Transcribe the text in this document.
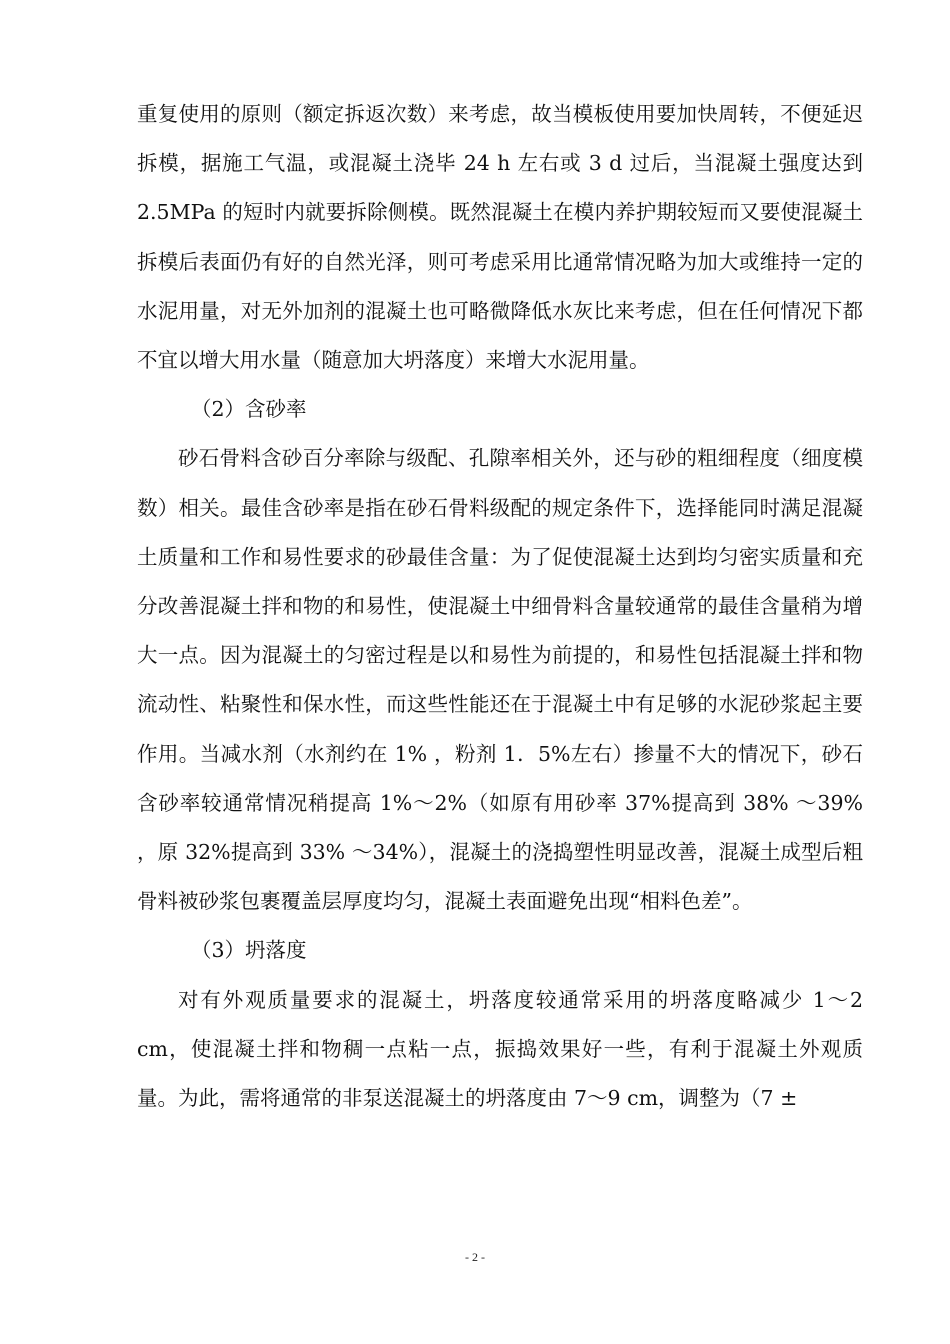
重复使用的原则（额定拆返次数）来考虑，故当模板使用要加快周转，不便延迟拆模，据施工气温，或混凝土浇毕 24 h 左右或 3 d 过后，当混凝土强度达到 2.5MPa 的短时内就要拆除侧模。既然混凝土在模内养护期较短而又要使混凝土拆模后表面仍有好的自然光泽，则可考虑采用比通常情况略为加大或维持一定的水泥用量，对无外加剂的混凝土也可略微降低水灰比来考虑，但在任何情况下都不宜以增大用水量（随意加大坍落度）来增大水泥用量。

（2）含砂率

砂石骨料含砂百分率除与级配、孔隙率相关外，还与砂的粗细程度（细度模数）相关。最佳含砂率是指在砂石骨料级配的规定条件下，选择能同时满足混凝土质量和工作和易性要求的砂最佳含量：为了促使混凝土达到均匀密实质量和充分改善混凝土拌和物的和易性，使混凝土中细骨料含量较通常的最佳含量稍为增大一点。因为混凝土的匀密过程是以和易性为前提的，和易性包括混凝土拌和物流动性、粘聚性和保水性，而这些性能还在于混凝土中有足够的水泥砂浆起主要作用。当减水剂（水剂约在 1% ，粉剂 1．5%左右）掺量不大的情况下，砂石含砂率较通常情况稍提高 1%～2%（如原有用砂率 37%提高到 38% ～39% ，原 32%提高到 33% ～34%），混凝土的浇捣塑性明显改善，混凝土成型后粗骨料被砂浆包裹覆盖层厚度均匀，混凝土表面避免出现“相料色差”。

（3）坍落度

对有外观质量要求的混凝土，坍落度较通常采用的坍落度略减少 1～2 cm，使混凝土拌和物稠一点粘一点，振捣效果好一些，有利于混凝土外观质量。为此，需将通常的非泵送混凝土的坍落度由 7～9 cm，调整为（7 ±

- 2 -
